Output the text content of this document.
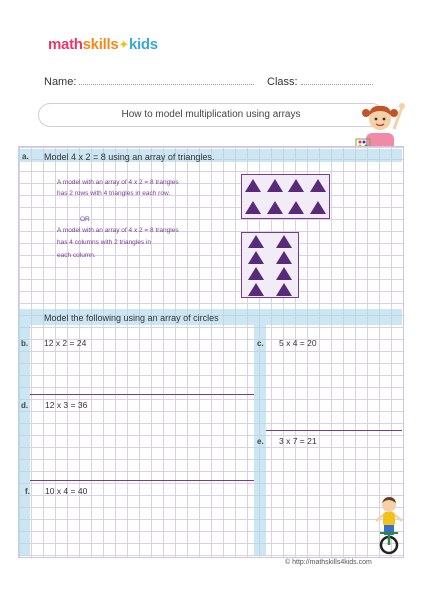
mathskills✦kids
Name:	Class:
How to model multiplication using arrays
a. Model 4 x 2 = 8 using an array of triangles.
A model with an array of 4 x 2 = 8 trangles
has 2 rows with 4 triangles in each row.
OR
A model with an array of 4 x 2 = 8 trangles
has 4 columns with 2 triangles in
each column.
Model the following using an array of circles
b. 12 x 2 = 24	c. 5 x 4 = 20
d. 12 x 3 = 36
e. 3 x 7 = 21
f. 10 x 4 = 40
© http://mathskills4kids.com
